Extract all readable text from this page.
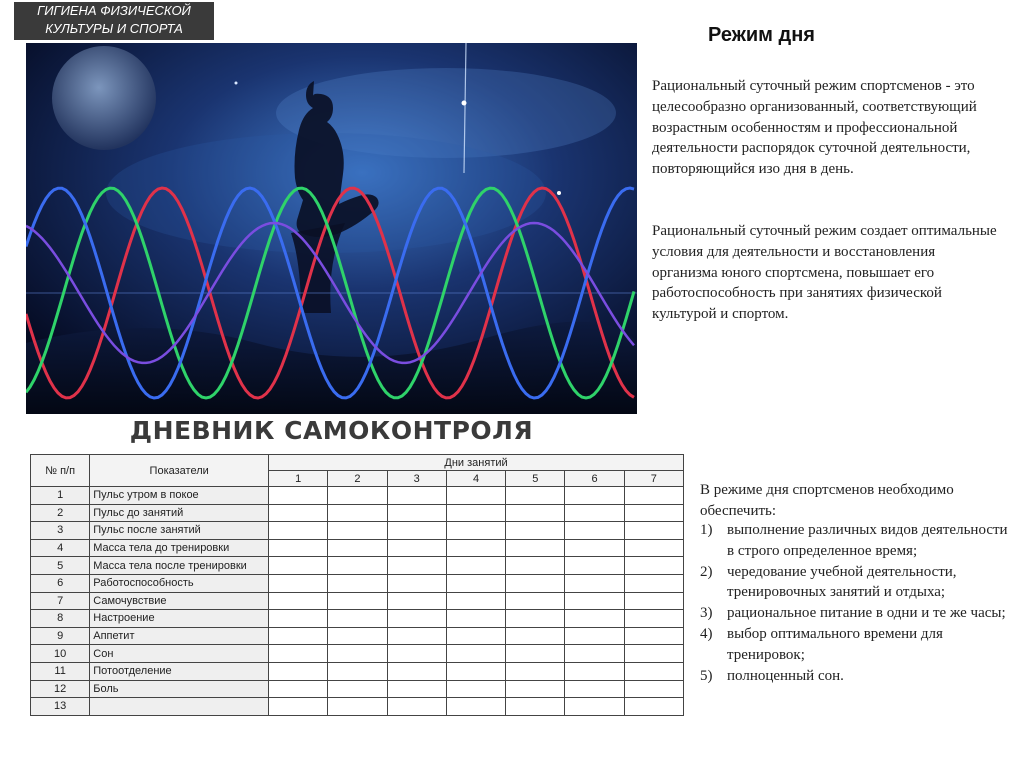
ГИГИЕНА ФИЗИЧЕСКОЙ
КУЛЬТУРЫ И СПОРТА	Режим дня

Рациональный суточный режим спортсменов - это целесообразно организованный, соответствующий возрастным особенностям и профессиональной деятельности распорядок суточной деятельности, повторяющийся изо дня в день.

Рациональный суточный режим создает оптимальные условия для деятельности и восстановления организма юного спортсмена, повышает его работоспособность при занятиях физической культурой и спортом.

ДНЕВНИК САМОКОНТРОЛЯ
№ п/п	Показатели	Дни занятий						
		1	2	3	4	5	6	7
1	Пульс утром в покое							
2	Пульс до занятий							
3	Пульс после занятий							
4	Масса тела до тренировки							
5	Масса тела после тренировки							
6	Работоспособность							
7	Самочувствие							
8	Настроение							
9	Аппетит							
10	Сон							
11	Потоотделение							
12	Боль							
13								

В режиме дня спортсменов необходимо обеспечить:

1) выполнение различных видов деятельности в строго определенное время;
2) чередование учебной деятельности, тренировочных занятий и отдыха;
3) рациональное питание в одни и те же часы;
4) выбор оптимального времени для тренировок;
5) полноценный сон.
